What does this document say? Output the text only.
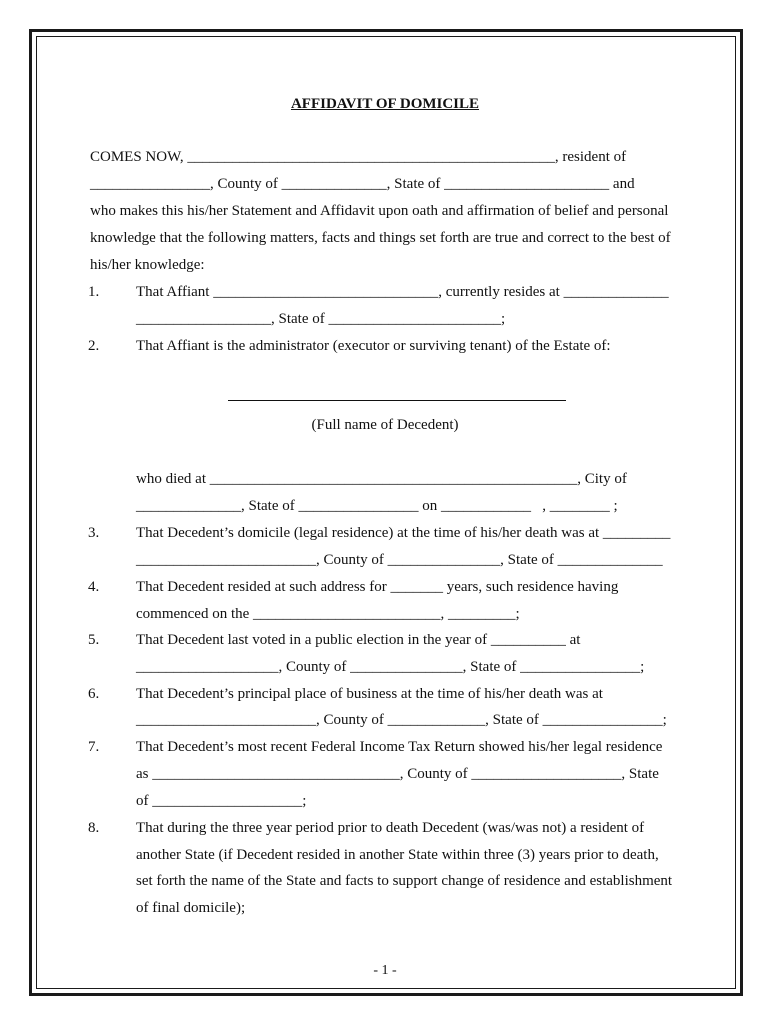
AFFIDAVIT OF DOMICILE
COMES NOW, _________________________________________________, resident of
________________, County of ______________, State of ______________________ and
who makes this his/her Statement and Affidavit upon oath and affirmation of belief and personal
knowledge that the following matters, facts and things set forth are true and correct to the best of
his/her knowledge:
1. That Affiant ______________________________, currently resides at ______________
__________________, State of _______________________;
2. That Affiant is the administrator (executor or surviving tenant) of the Estate of:
(Full name of Decedent)
who died at _________________________________________________, City of
______________, State of ________________ on ____________   , ________ ;
3. That Decedent’s domicile (legal residence) at the time of his/her death was at _________
________________________, County of _______________, State of ______________
4. That Decedent resided at such address for _______ years, such residence having
commenced on the _________________________, _________;
5. That Decedent last voted in a public election in the year of __________ at
___________________, County of _______________, State of ________________;
6. That Decedent’s principal place of business at the time of his/her death was at
________________________, County of _____________, State of ________________;
7. That Decedent’s most recent Federal Income Tax Return showed his/her legal residence
as _________________________________, County of ____________________, State
of ____________________;
8. That during the three year period prior to death Decedent (was/was not) a resident of
another State (if Decedent resided in another State within three (3) years prior to death,
set forth the name of the State and facts to support change of residence and establishment
of final domicile);
- 1 -
